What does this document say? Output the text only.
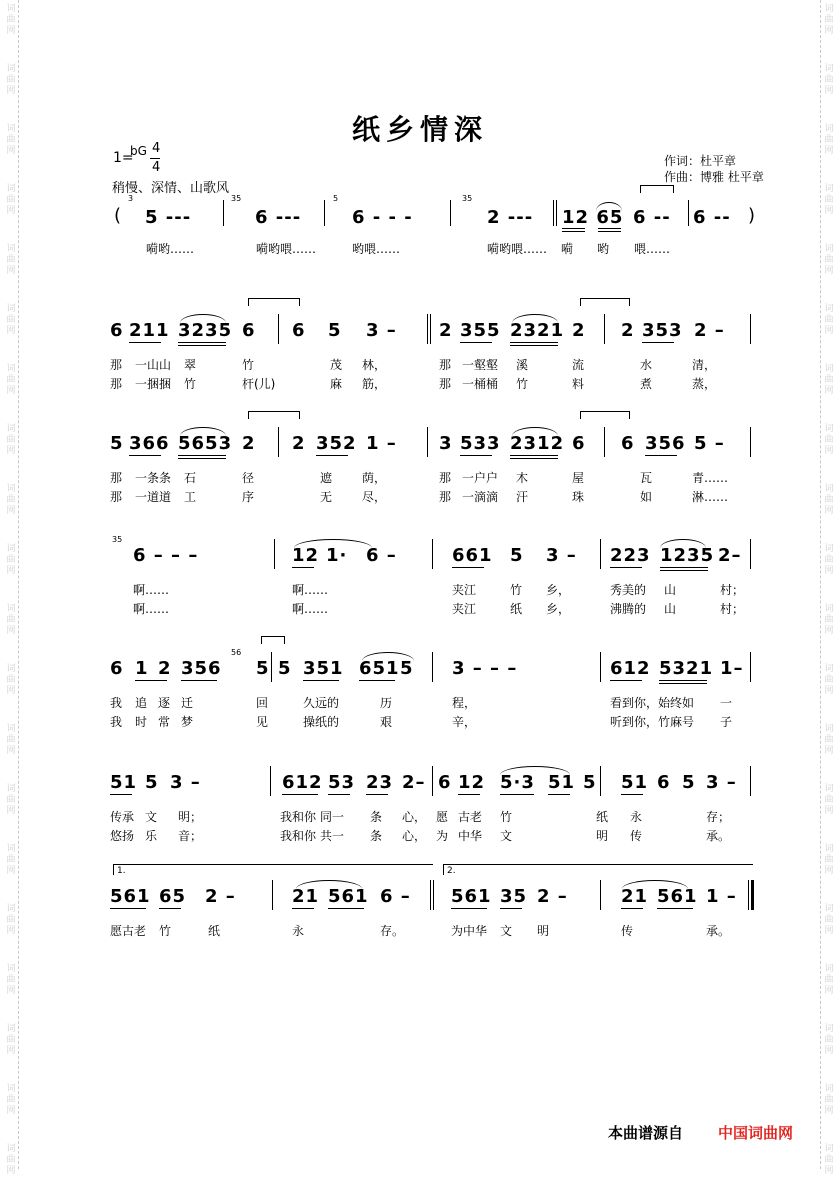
词
曲
网
词
曲
网
词
曲
网
词
曲
网
词
曲
网
词
曲
网
词
曲
网
词
曲
网
词
曲
网
词
曲
网
词
曲
网
词
曲
网
词
曲
网
词
曲
网
词
曲
网
词
曲
网
词
曲
网
词
曲
网
词
曲
网
词
曲
网
词
曲
网
词
曲
网
词
曲
网
词
曲
网
词
曲
网
词
曲
网
词
曲
网
词
曲
网
词
曲
网
词
曲
网
词
曲
网
词
曲
网
词
曲
网
词
曲
网
词
曲
网
词
曲
网
词
曲
网
词
曲
网
词
曲
网
词
曲
网
纸乡情深
1=
bG 4
4
稍慢、深情、山歌风
作词：杜平章
作曲：博雅 杜平章
(
3
5 ---
35
6 ---
5
6 - - -
35
2 --- 12 65 6 -- 6 -- )
嗬哟……	嗬哟喂……	哟喂……	嗬哟喂…… 嗬 哟 喂……
6 211 3235 6 6 5 3 – 2 355 2321 2 2 353 2 –
那 一山山 翠	竹	茂 林，	那 一壑壑 溪	流	水	清，
那 一捆捆 竹	杆(儿)	麻 筋，	那 一桶桶 竹	料	煮	蒸，
5 366 5653 2 2 352 1 – 3 533 2312 6 6 356 5 –
那 一条条 石	径	遮 荫，	那 一户户 木	屋	瓦	青……
那 一道道 工	序	无 尽，	那 一滴滴 汗	珠	如	淋……
35
6 – – –	12 1· 6 –	661 5 3 – 223 1235 2–
啊……	啊……	夹江	竹 乡，	秀美的 山	村；
啊……	啊……	夹江	纸 乡，	沸腾的 山	村；
56
6 1 2 356 5 5 351 651 5 3 – – –	612 5321 1–
我 追 逐 迁	回	久远的	历	程，	看到你，始终如 一
我 时 常 梦	见	操纸的	艰	辛，	听到你，竹麻号 子
51 5 3 –	612 53 23 2– 6 12 5·3 51 5 51 6 5 3 –
传承 文 明；	我和你 同一 条 心， 愿 古老 竹	纸 永	存；
悠扬 乐 音；	我和你 共一 条 心， 为 中华 文	明 传	承。
1.	2.
561 65 2 –	21 561 6 – 561 35 2 –	21 561 1 –
愿古老 竹	纸	永	存。	为中华 文 明	传	承。
本曲谱源自 中国词曲网
